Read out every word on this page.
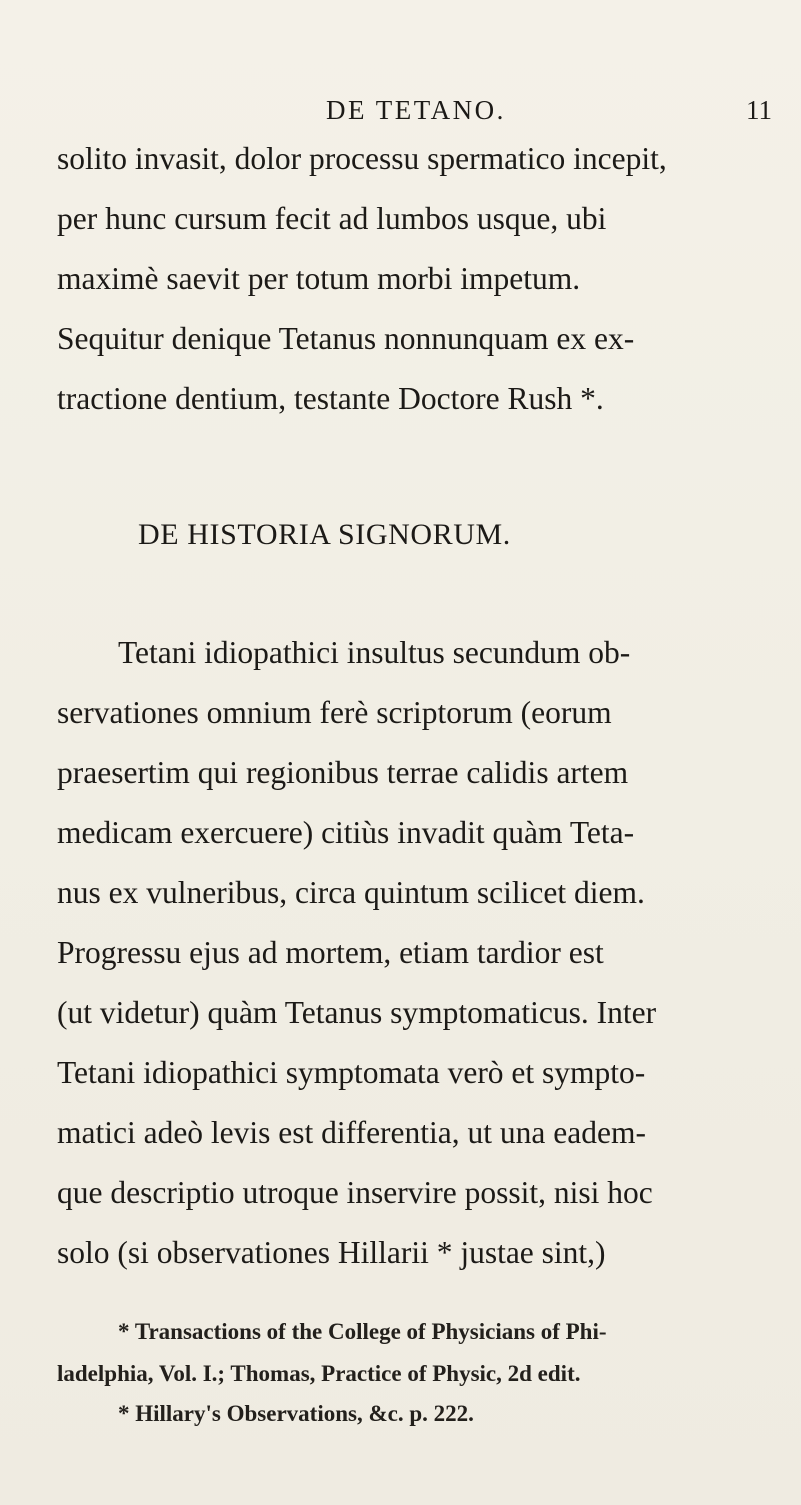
DE TETANO.	11
solito invasit, dolor processu spermatico incepit,
per hunc cursum fecit ad lumbos usque, ubi
maximè saevit per totum morbi impetum.
Sequitur denique Tetanus nonnunquam ex ex-
tractione dentium, testante Doctore Rush *.
DE HISTORIA SIGNORUM.
Tetani idiopathici insultus secundum ob-
servationes omnium ferè scriptorum (eorum
praesertim qui regionibus terrae calidis artem
medicam exercuere) citiùs invadit quàm Teta-
nus ex vulneribus, circa quintum scilicet diem.
Progressu ejus ad mortem, etiam tardior est
(ut videtur) quàm Tetanus symptomaticus. Inter
Tetani idiopathici symptomata verò et sympto-
matici adeò levis est differentia, ut una eadem-
que descriptio utroque inservire possit, nisi hoc
solo (si observationes Hillarii * justae sint,)
* Transactions of the College of Physicians of Phi-
ladelphia, Vol. I.; Thomas, Practice of Physic, 2d edit.
* Hillary's Observations, &c. p. 222.
